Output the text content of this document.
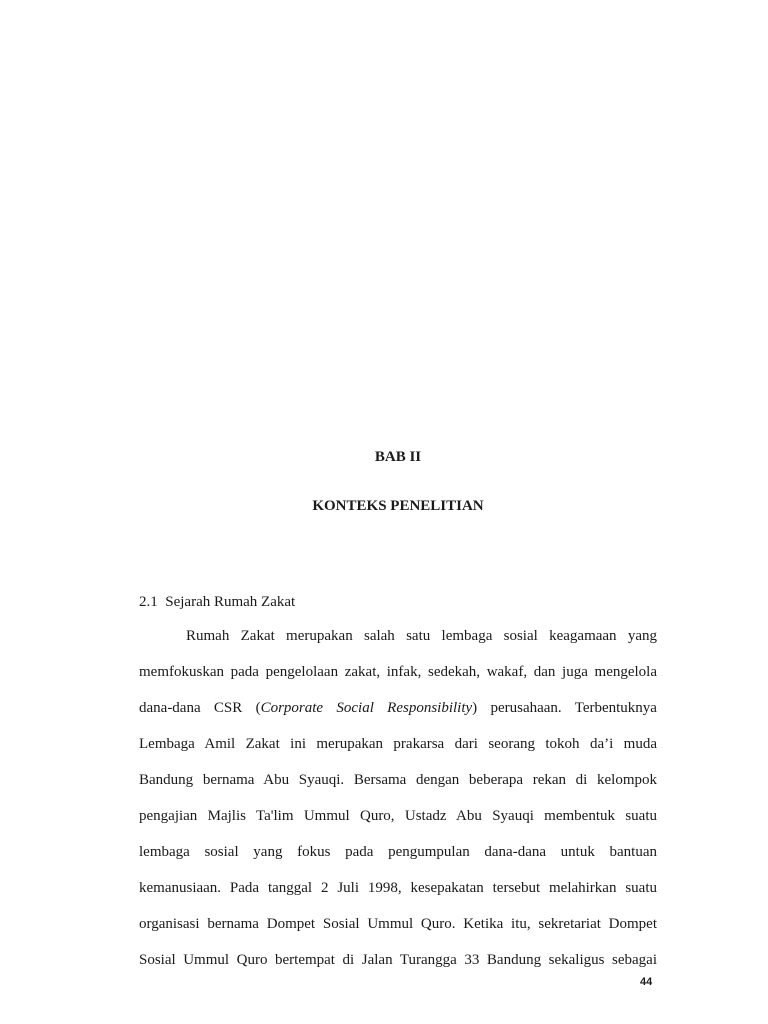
BAB II
KONTEKS PENELITIAN

2.1  Sejarah Rumah Zakat

Rumah Zakat merupakan salah satu lembaga sosial keagamaan yang
memfokuskan pada pengelolaan zakat, infak, sedekah, wakaf, dan juga mengelola
dana-dana CSR (Corporate Social Responsibility) perusahaan. Terbentuknya
Lembaga Amil Zakat ini merupakan prakarsa dari seorang tokoh da’i muda
Bandung bernama Abu Syauqi. Bersama dengan beberapa rekan di kelompok
pengajian Majlis Ta'lim Ummul Quro, Ustadz Abu Syauqi membentuk suatu
lembaga sosial yang fokus pada pengumpulan dana-dana untuk bantuan
kemanusiaan. Pada tanggal 2 Juli 1998, kesepakatan tersebut melahirkan suatu
organisasi bernama Dompet Sosial Ummul Quro. Ketika itu, sekretariat Dompet
Sosial Ummul Quro bertempat di Jalan Turangga 33 Bandung sekaligus sebagai

44
